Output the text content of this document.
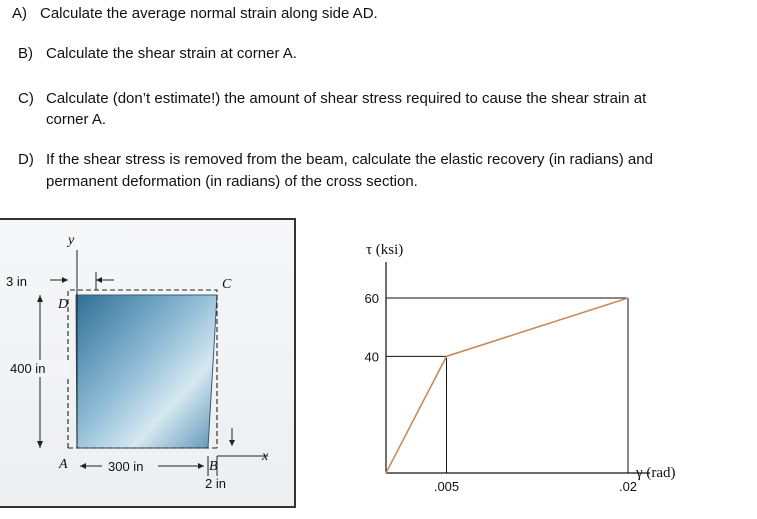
A) Calculate the average normal strain along side AD.
B) Calculate the shear strain at corner A.
C) Calculate (don’t estimate!) the amount of shear stress required to cause the shear strain at
corner A.
D) If the shear stress is removed from the beam, calculate the elastic recovery (in radians) and
permanent deformation (in radians) of the cross section.
y
x
3 in
400 in
300 in
2 in
A	B
C
D
τ (ksi)
γ (rad)
40
60
.005	.02
